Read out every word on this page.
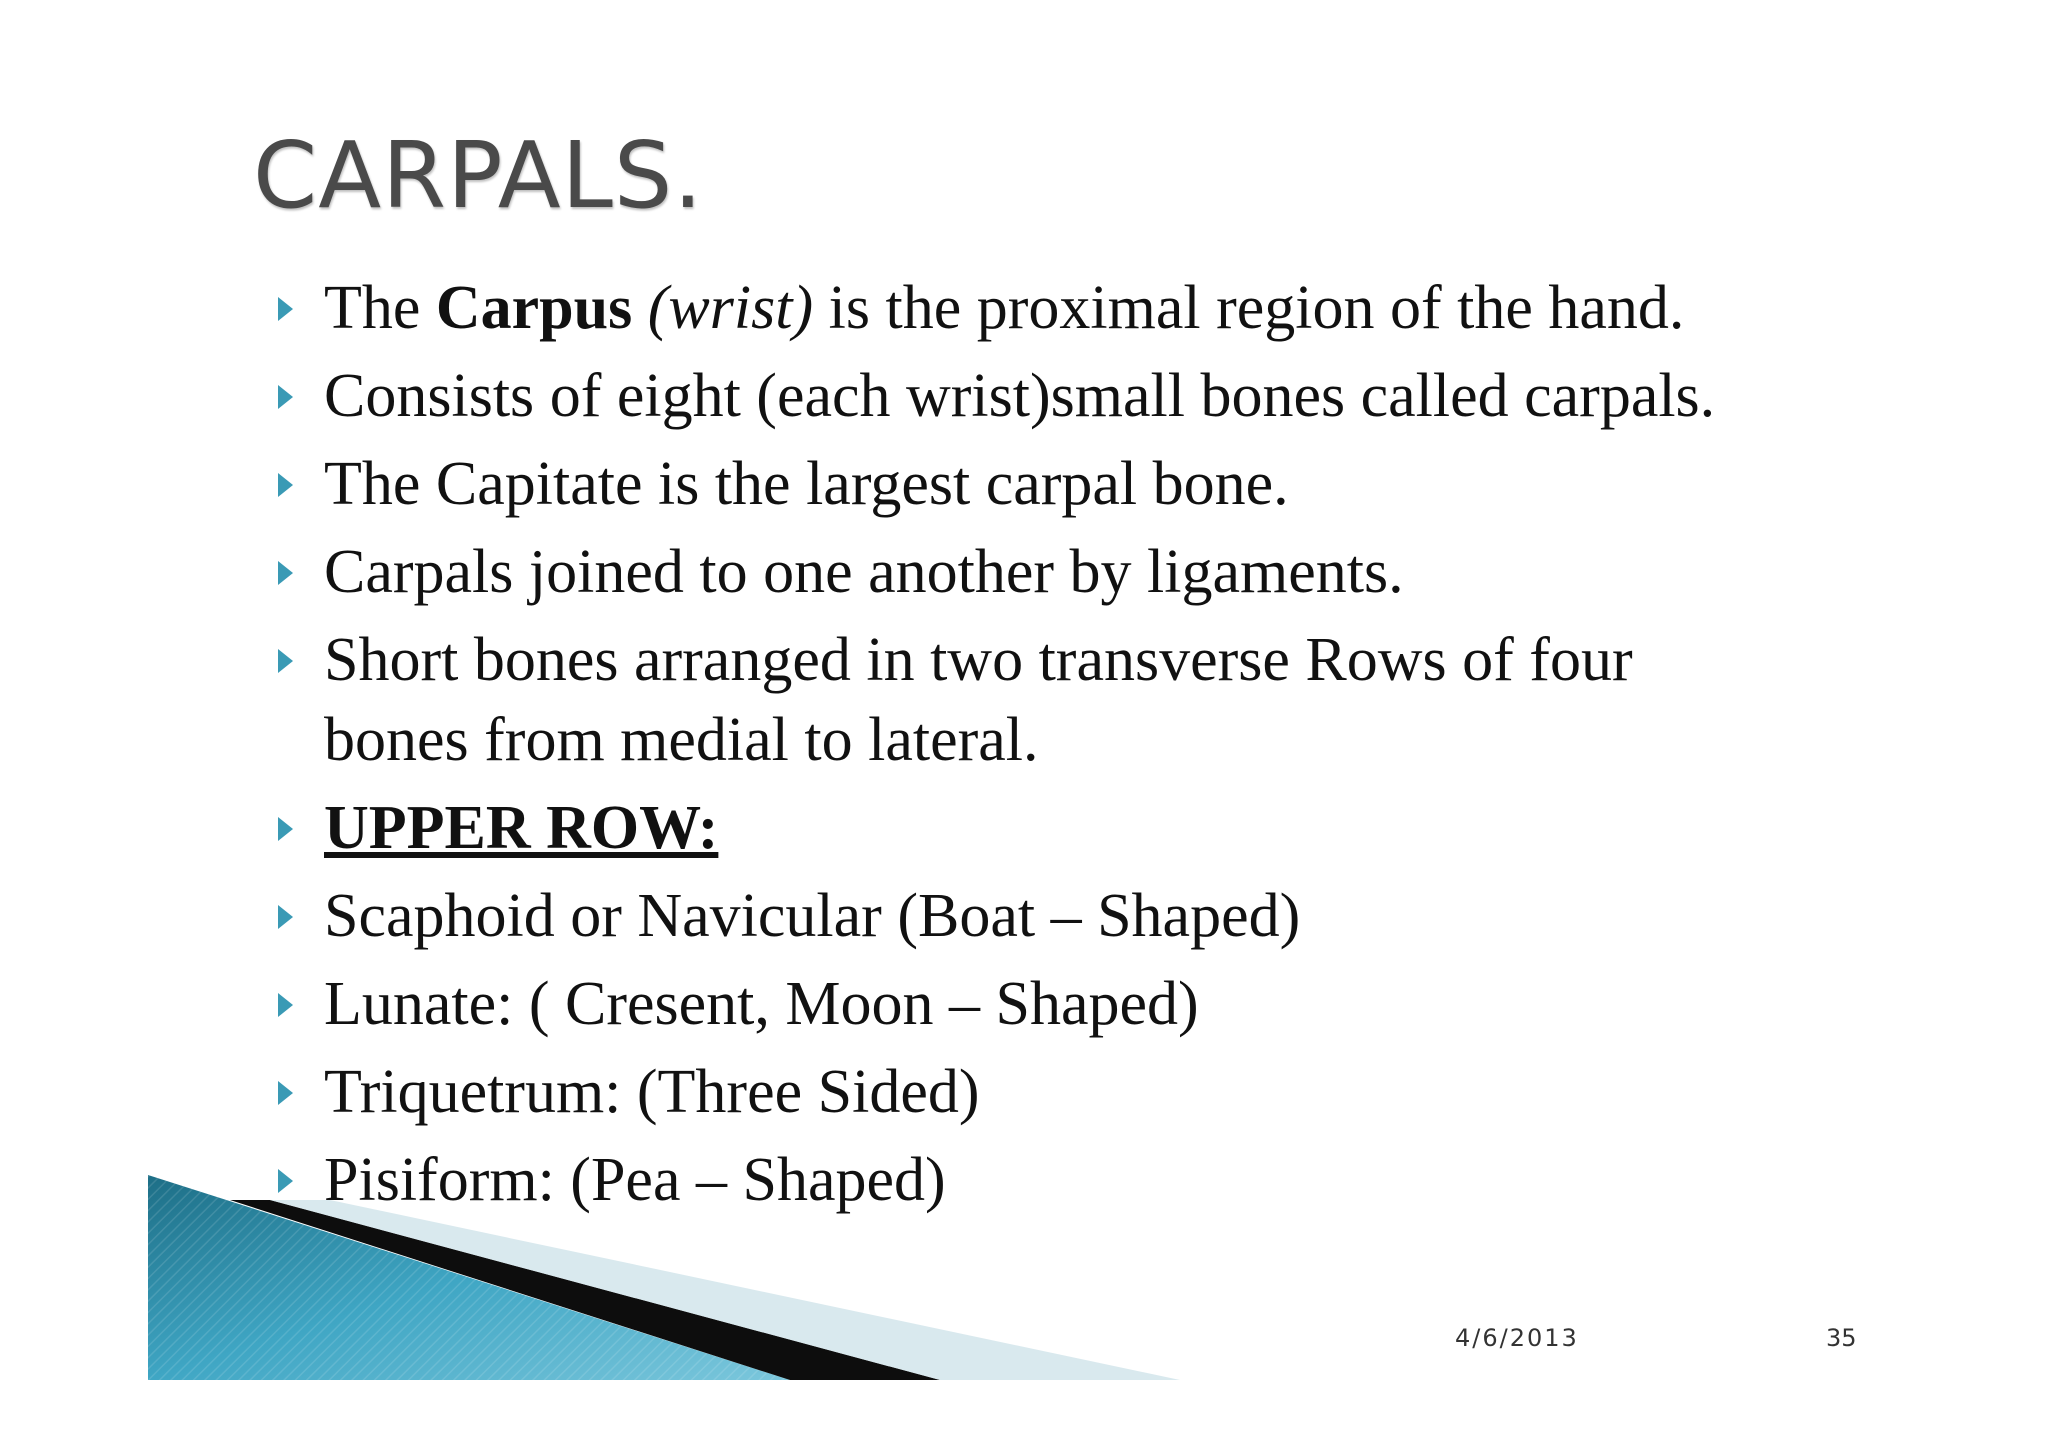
CARPALS.
The Carpus (wrist) is the proximal region of the hand.
Consists of eight (each wrist)small bones called carpals.
The Capitate is the largest carpal bone.
Carpals joined to one another by ligaments.
Short bones arranged in two transverse Rows of four
bones from medial to lateral.
UPPER ROW:
Scaphoid or Navicular (Boat – Shaped)
Lunate: ( Cresent, Moon – Shaped)
Triquetrum: (Three Sided)
Pisiform: (Pea – Shaped)
4/6/2013	35
